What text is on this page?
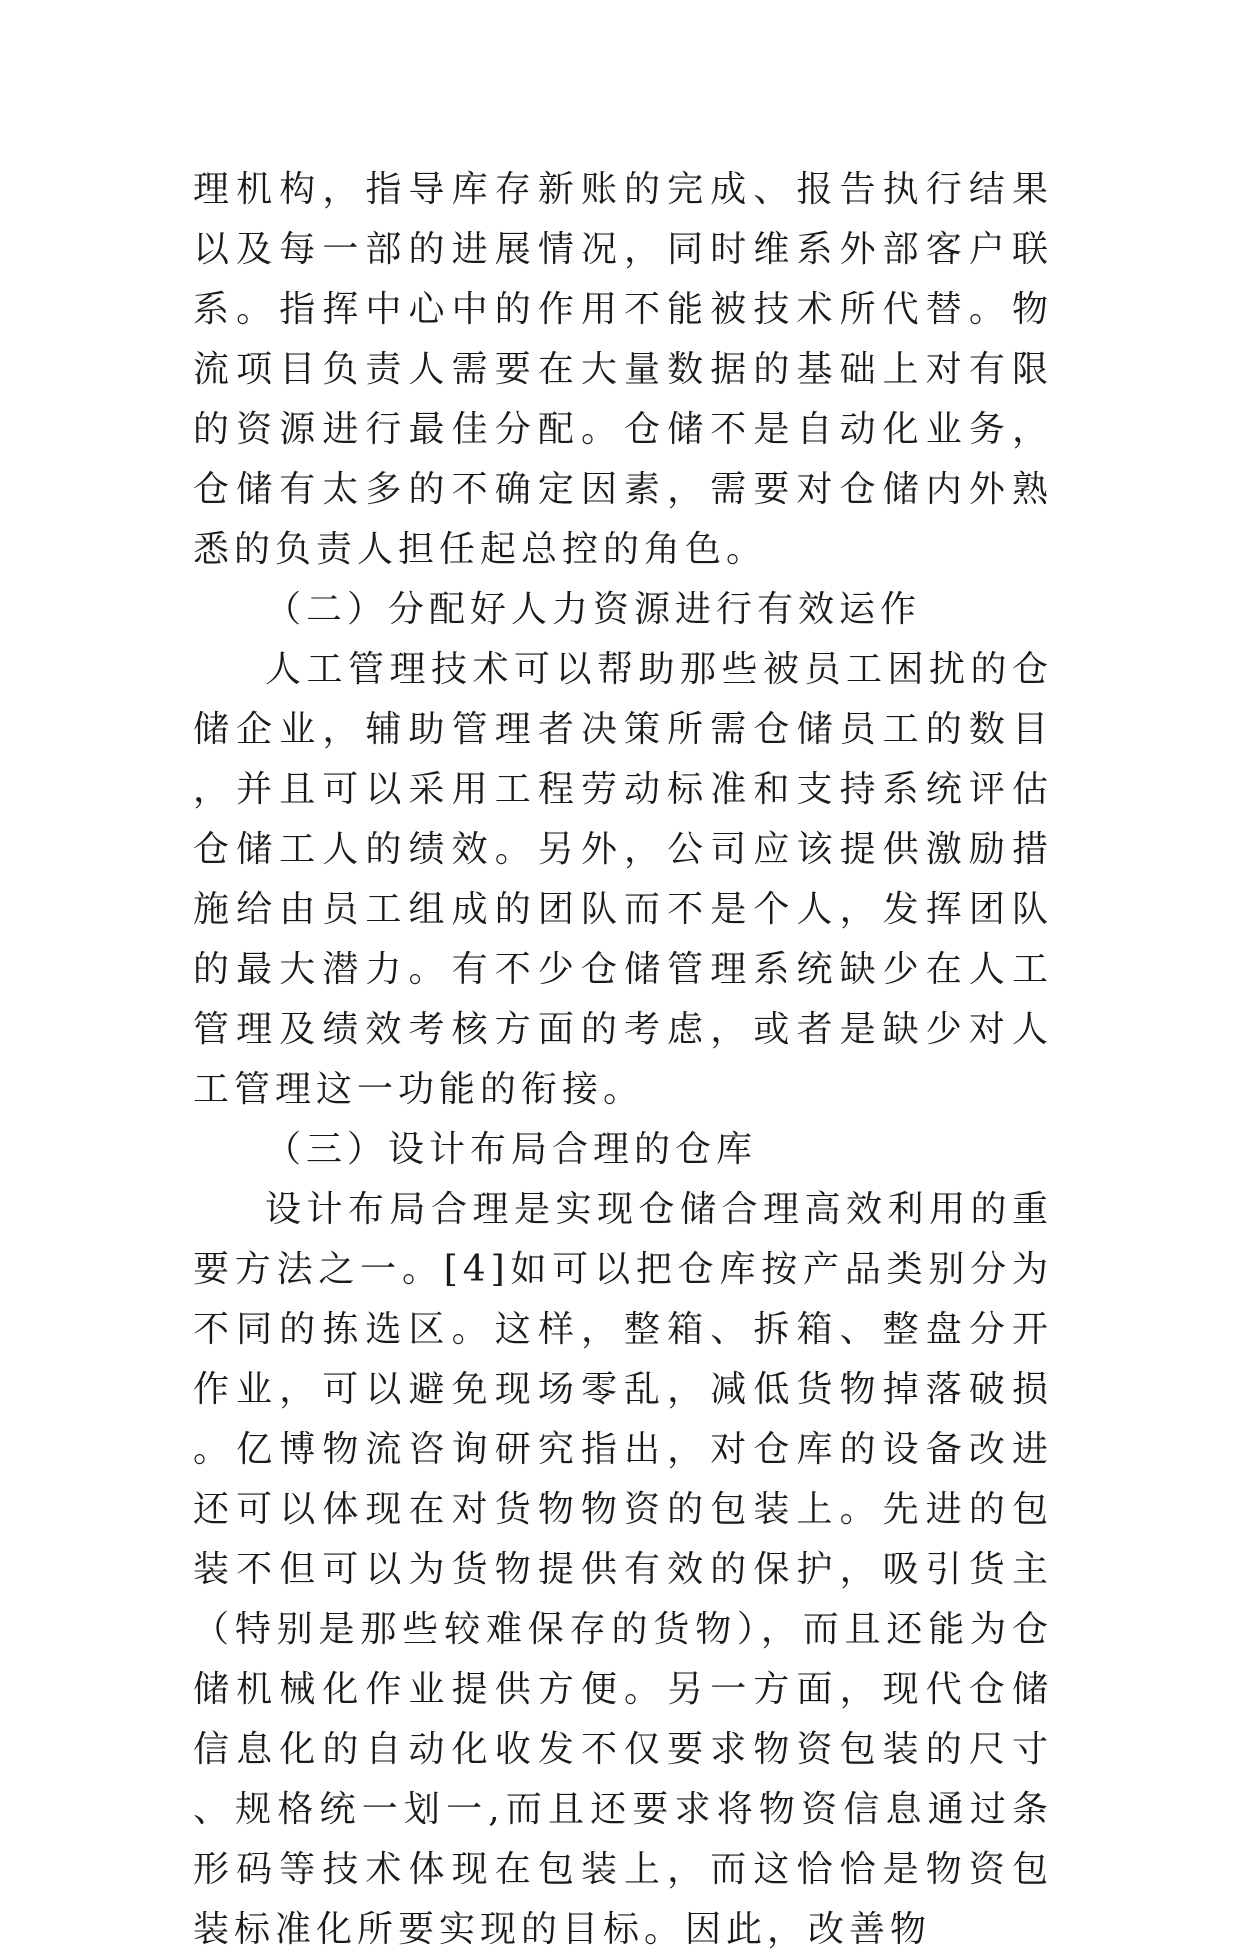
理机构，指导库存新账的完成、报告执行结果以及每一部的进展情况，同时维系外部客户联系。指挥中心中的作用不能被技术所代替。物流项目负责人需要在大量数据的基础上对有限的资源进行最佳分配。仓储不是自动化业务，仓储有太多的不确定因素，需要对仓储内外熟悉的负责人担任起总控的角色。

（二）分配好人力资源进行有效运作

人工管理技术可以帮助那些被员工困扰的仓储企业，辅助管理者决策所需仓储员工的数目，并且可以采用工程劳动标准和支持系统评估仓储工人的绩效。另外，公司应该提供激励措施给由员工组成的团队而不是个人，发挥团队的最大潜力。有不少仓储管理系统缺少在人工管理及绩效考核方面的考虑，或者是缺少对人工管理这一功能的衔接。

（三）设计布局合理的仓库

设计布局合理是实现仓储合理高效利用的重要方法之一。[4]如可以把仓库按产品类别分为不同的拣选区。这样，整箱、拆箱、整盘分开作业，可以避免现场零乱，减低货物掉落破损。亿博物流咨询研究指出，对仓库的设备改进还可以体现在对货物物资的包装上。先进的包装不但可以为货物提供有效的保护，吸引货主（特别是那些较难保存的货物），而且还能为仓储机械化作业提供方便。另一方面，现代仓储信息化的自动化收发不仅要求物资包装的尺寸、规格统一划一,而且还要求将物资信息通过条形码等技术体现在包装上，而这恰恰是物资包装标准化所要实现的目标。因此，改善物
